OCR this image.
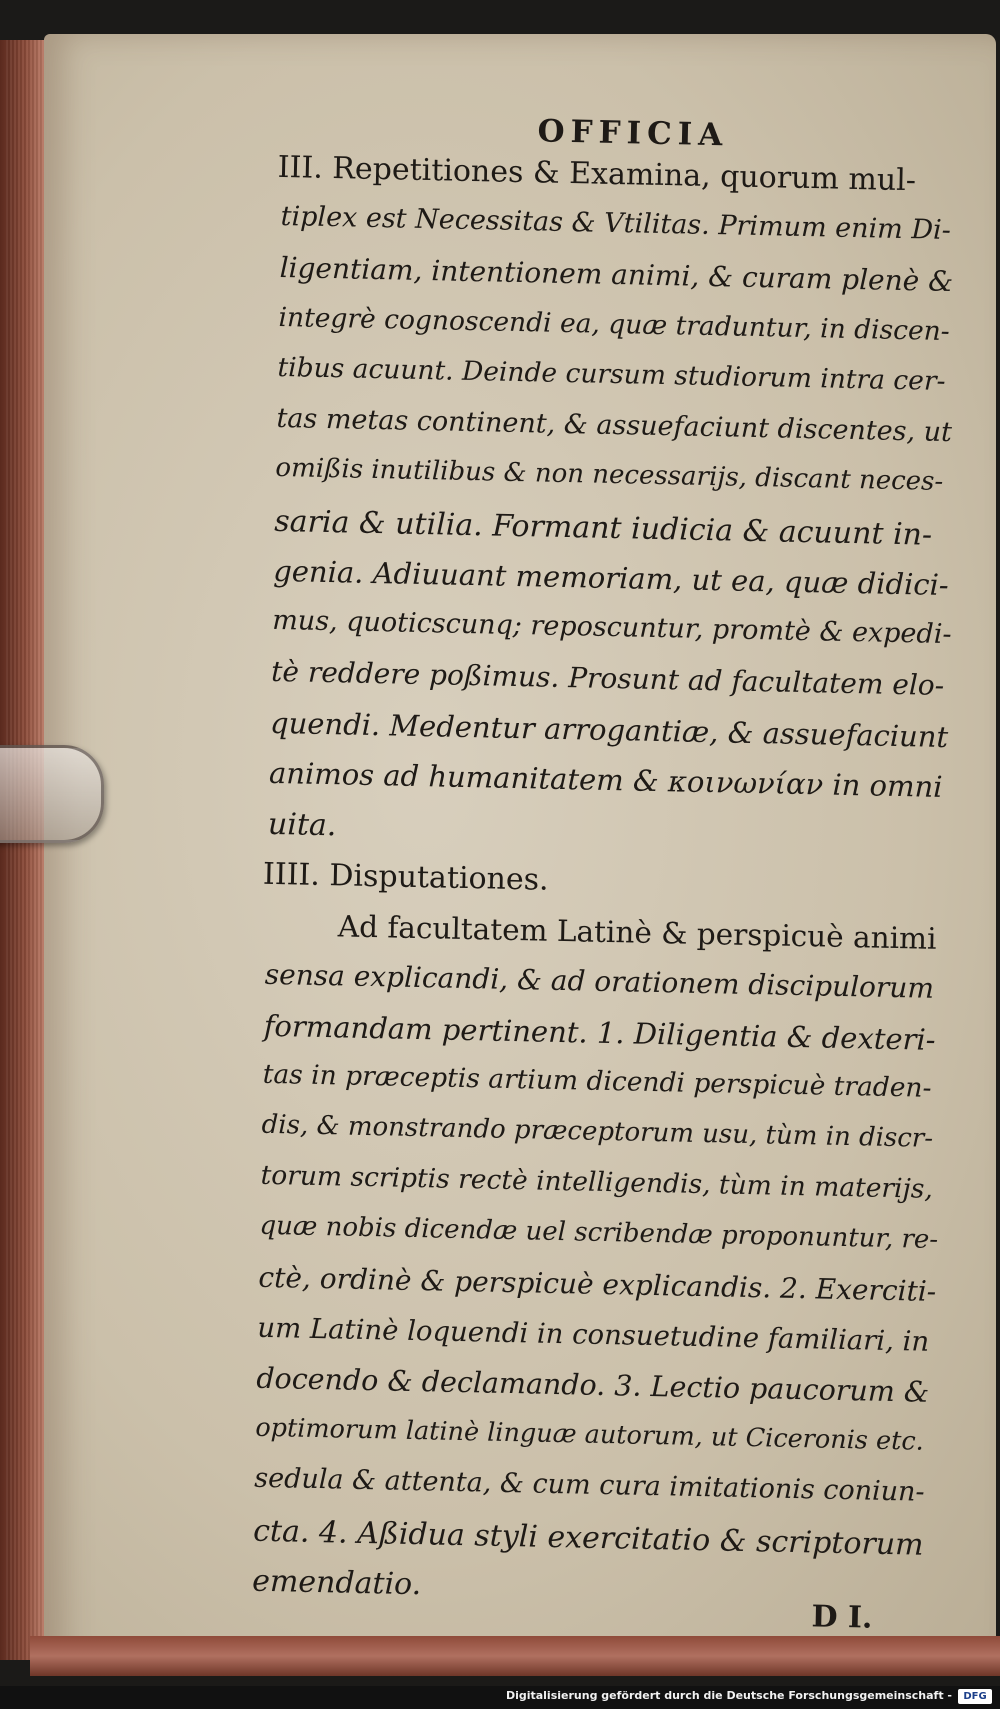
OFFICIA

III. Repetitiones & Examina, quorum mul-

tiplex est Necessitas & Vtilitas. Primum enim Di-

ligentiam, intentionem animi, & curam plenè &

integrè cognoscendi ea, quæ traduntur, in discen-

tibus acuunt. Deinde cursum studiorum intra cer-

tas metas continent, & assuefaciunt discentes, ut

omißis inutilibus & non necessarijs, discant neces-

saria & utilia. Formant iudicia & acuunt in-

genia. Adiuuant memoriam, ut ea, quæ didici-

mus, quoticscunq; reposcuntur, promtè & expedi-

tè reddere poßimus. Prosunt ad facultatem elo-

quendi. Medentur arrogantiæ, & assuefaciunt

animos ad humanitatem & κοινωνίαν in omni

uita.

IIII. Disputationes.

Ad facultatem Latinè & perspicuè animi

sensa explicandi, & ad orationem discipulorum

formandam pertinent. 1. Diligentia & dexteri-

tas in præceptis artium dicendi perspicuè traden-

dis, & monstrando præceptorum usu, tùm in discr-

torum scriptis rectè intelligendis, tùm in materijs,

quæ nobis dicendæ uel scribendæ proponuntur, re-

ctè, ordinè & perspicuè explicandis. 2. Exerciti-

um Latinè loquendi in consuetudine familiari, in

docendo & declamando. 3. Lectio paucorum &

optimorum latinè linguæ autorum, ut Ciceronis etc.

sedula & attenta, & cum cura imitationis coniun-

cta. 4. Aßidua styli exercitatio & scriptorum

emendatio.

D I.

Digitalisierung gefördert durch die Deutsche Forschungsgemeinschaft -	DFG
